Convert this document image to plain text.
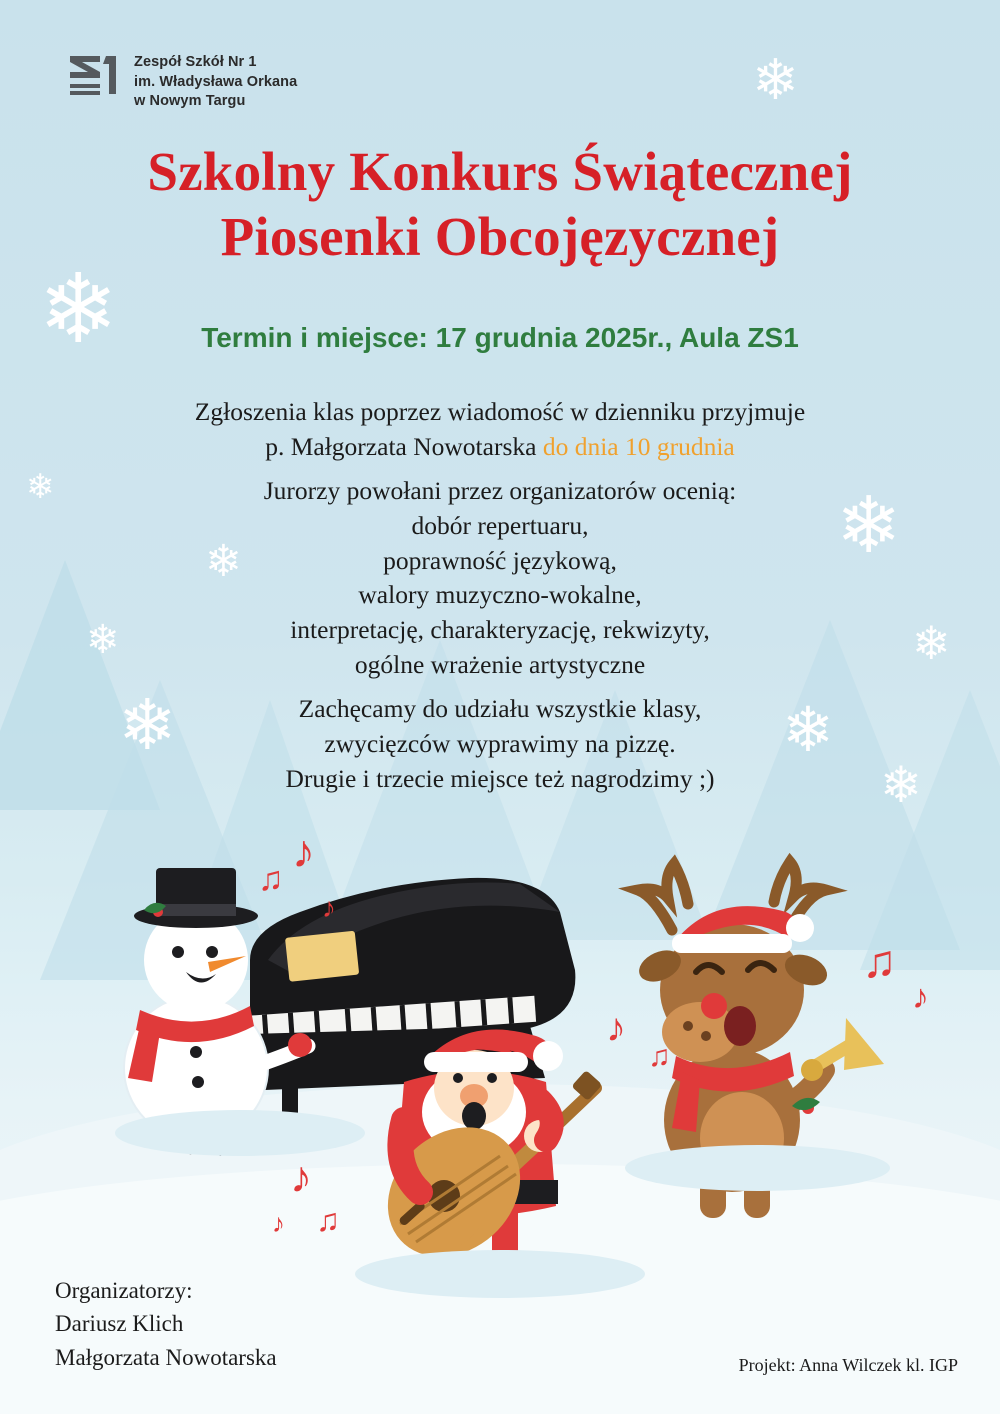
❄
❄
❄
❄
❄
❄
❄
❄
❄
❄
Zespół Szkół Nr 1
im. Władysława Orkana
w Nowym Targu
Szkolny Konkurs Świątecznej
Piosenki Obcojęzycznej
Termin i miejsce: 17 grudnia 2025r., Aula ZS1
Zgłoszenia klas poprzez wiadomość w dzienniku przyjmuje
p. Małgorzata Nowotarska do dnia 10 grudnia
Jurorzy powołani przez organizatorów ocenią:
dobór repertuaru,
poprawność językową,
walory muzyczno-wokalne,
interpretację, charakteryzację, rekwizyty,
ogólne wrażenie artystyczne
Zachęcamy do udziału wszystkie klasy,
zwycięzców wyprawimy na pizzę.
Drugie i trzecie miejsce też nagrodzimy ;)
♪
♫
♪
♪
♫
♫
♪
♪
♫
♪
Organizatorzy:
Dariusz Klich
Małgorzata Nowotarska	Projekt: Anna Wilczek kl. IGP
